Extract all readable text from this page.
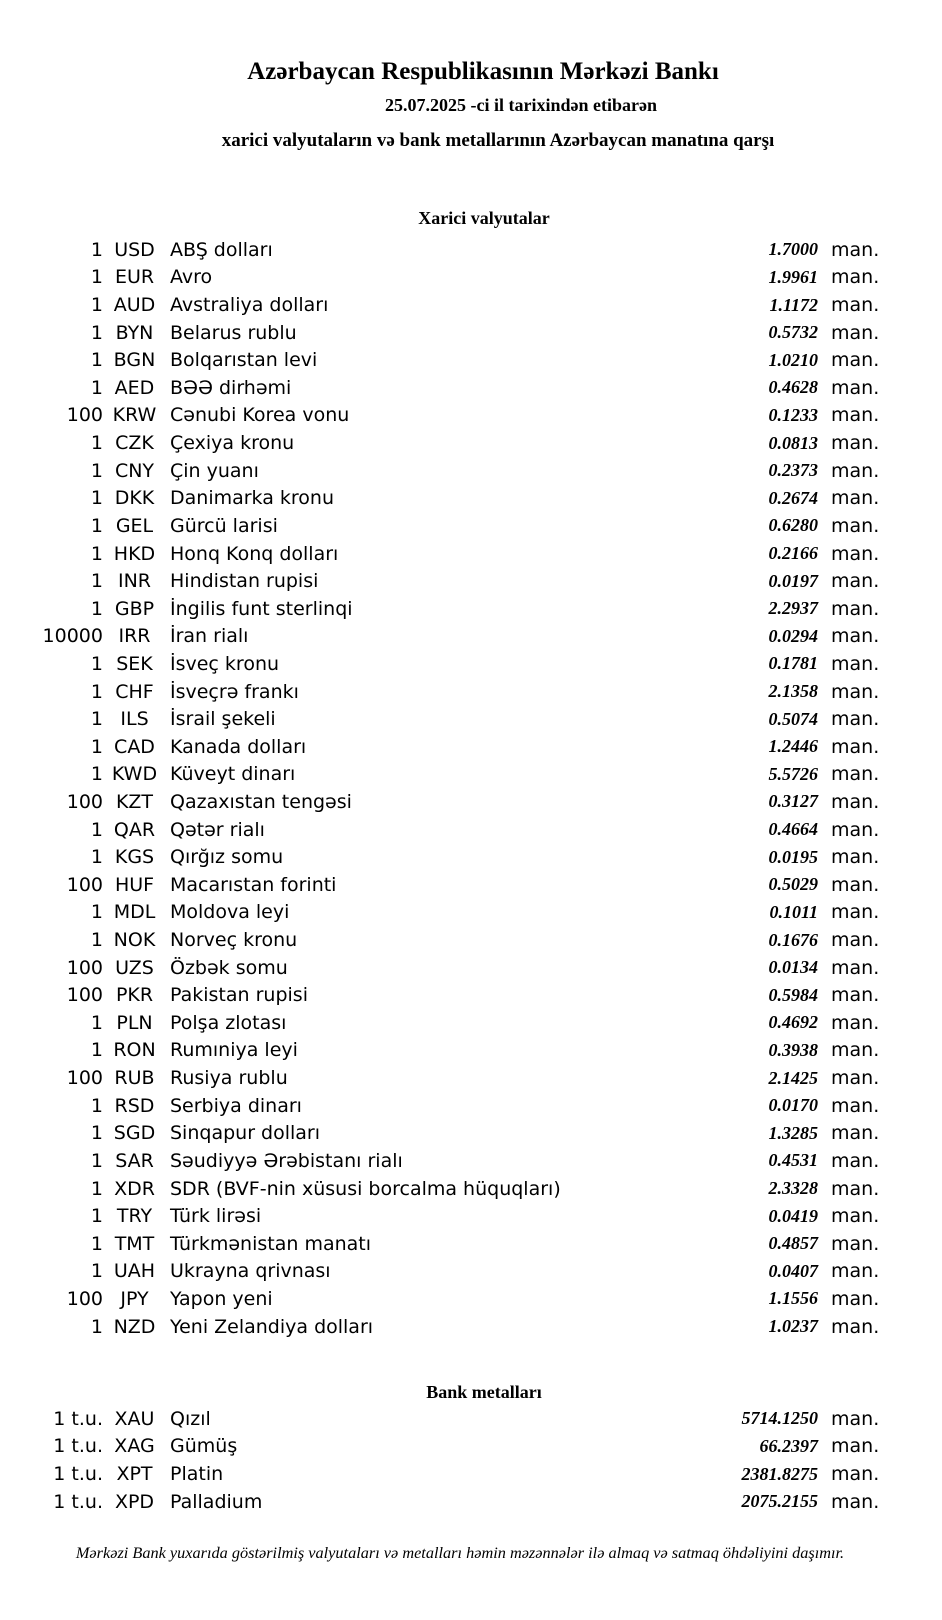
Azərbaycan Respublikasının Mərkəzi Bankı
25.07.2025 -ci il tarixindən etibarən
xarici valyutaların və bank metallarının Azərbaycan manatına qarşı
Xarici valyutalar
1 USD ABŞ dolları	1.7000 man.
1 EUR Avro	1.9961 man.
1 AUD Avstraliya dolları	1.1172 man.
1 BYN Belarus rublu	0.5732 man.
1 BGN Bolqarıstan levi	1.0210 man.
1 AED BƏƏ dirhəmi	0.4628 man.
100 KRW Cənubi Korea vonu	0.1233 man.
1 CZK Çexiya kronu	0.0813 man.
1 CNY Çin yuanı	0.2373 man.
1 DKK Danimarka kronu	0.2674 man.
1 GEL Gürcü larisi	0.6280 man.
1 HKD Honq Konq dolları	0.2166 man.
1 INR Hindistan rupisi	0.0197 man.
1 GBP İngilis funt sterlinqi	2.2937 man.
10000 IRR	İran rialı	0.0294 man.
1 SEK İsveç kronu	0.1781 man.
1 CHF İsveçrə frankı	2.1358 man.
1 ILS	İsrail şekeli	0.5074 man.
1 CAD Kanada dolları	1.2446 man.
1 KWD Küveyt dinarı	5.5726 man.
100 KZT Qazaxıstan tengəsi	0.3127 man.
1 QAR Qətər rialı	0.4664 man.
1 KGS Qırğız somu	0.0195 man.
100 HUF Macarıstan forinti	0.5029 man.
1 MDL Moldova leyi	0.1011 man.
1 NOK Norveç kronu	0.1676 man.
100 UZS Özbək somu	0.0134 man.
100 PKR Pakistan rupisi	0.5984 man.
1 PLN Polşa zlotası	0.4692 man.
1 RON Rumıniya leyi	0.3938 man.
100 RUB Rusiya rublu	2.1425 man.
1 RSD Serbiya dinarı	0.0170 man.
1 SGD Sinqapur dolları	1.3285 man.
1 SAR Səudiyyə Ərəbistanı rialı	0.4531 man.
1 XDR SDR (BVF-nin xüsusi borcalma hüquqları)	2.3328 man.
1 TRY Türk lirəsi	0.0419 man.
1 TMT Türkmənistan manatı	0.4857 man.
1 UAH Ukrayna qrivnası	0.0407 man.
100 JPY	Yapon yeni	1.1556 man.
1 NZD Yeni Zelandiya dolları	1.0237 man.
Bank metalları
1 t.u. XAU Qızıl	5714.1250 man.
1 t.u. XAG Gümüş	66.2397 man.
1 t.u. XPT Platin	2381.8275 man.
1 t.u. XPD Palladium	2075.2155 man.
Mərkəzi Bank yuxarıda göstərilmiş valyutaları və metalları həmin məzənnələr ilə almaq və satmaq öhdəliyini daşımır.
